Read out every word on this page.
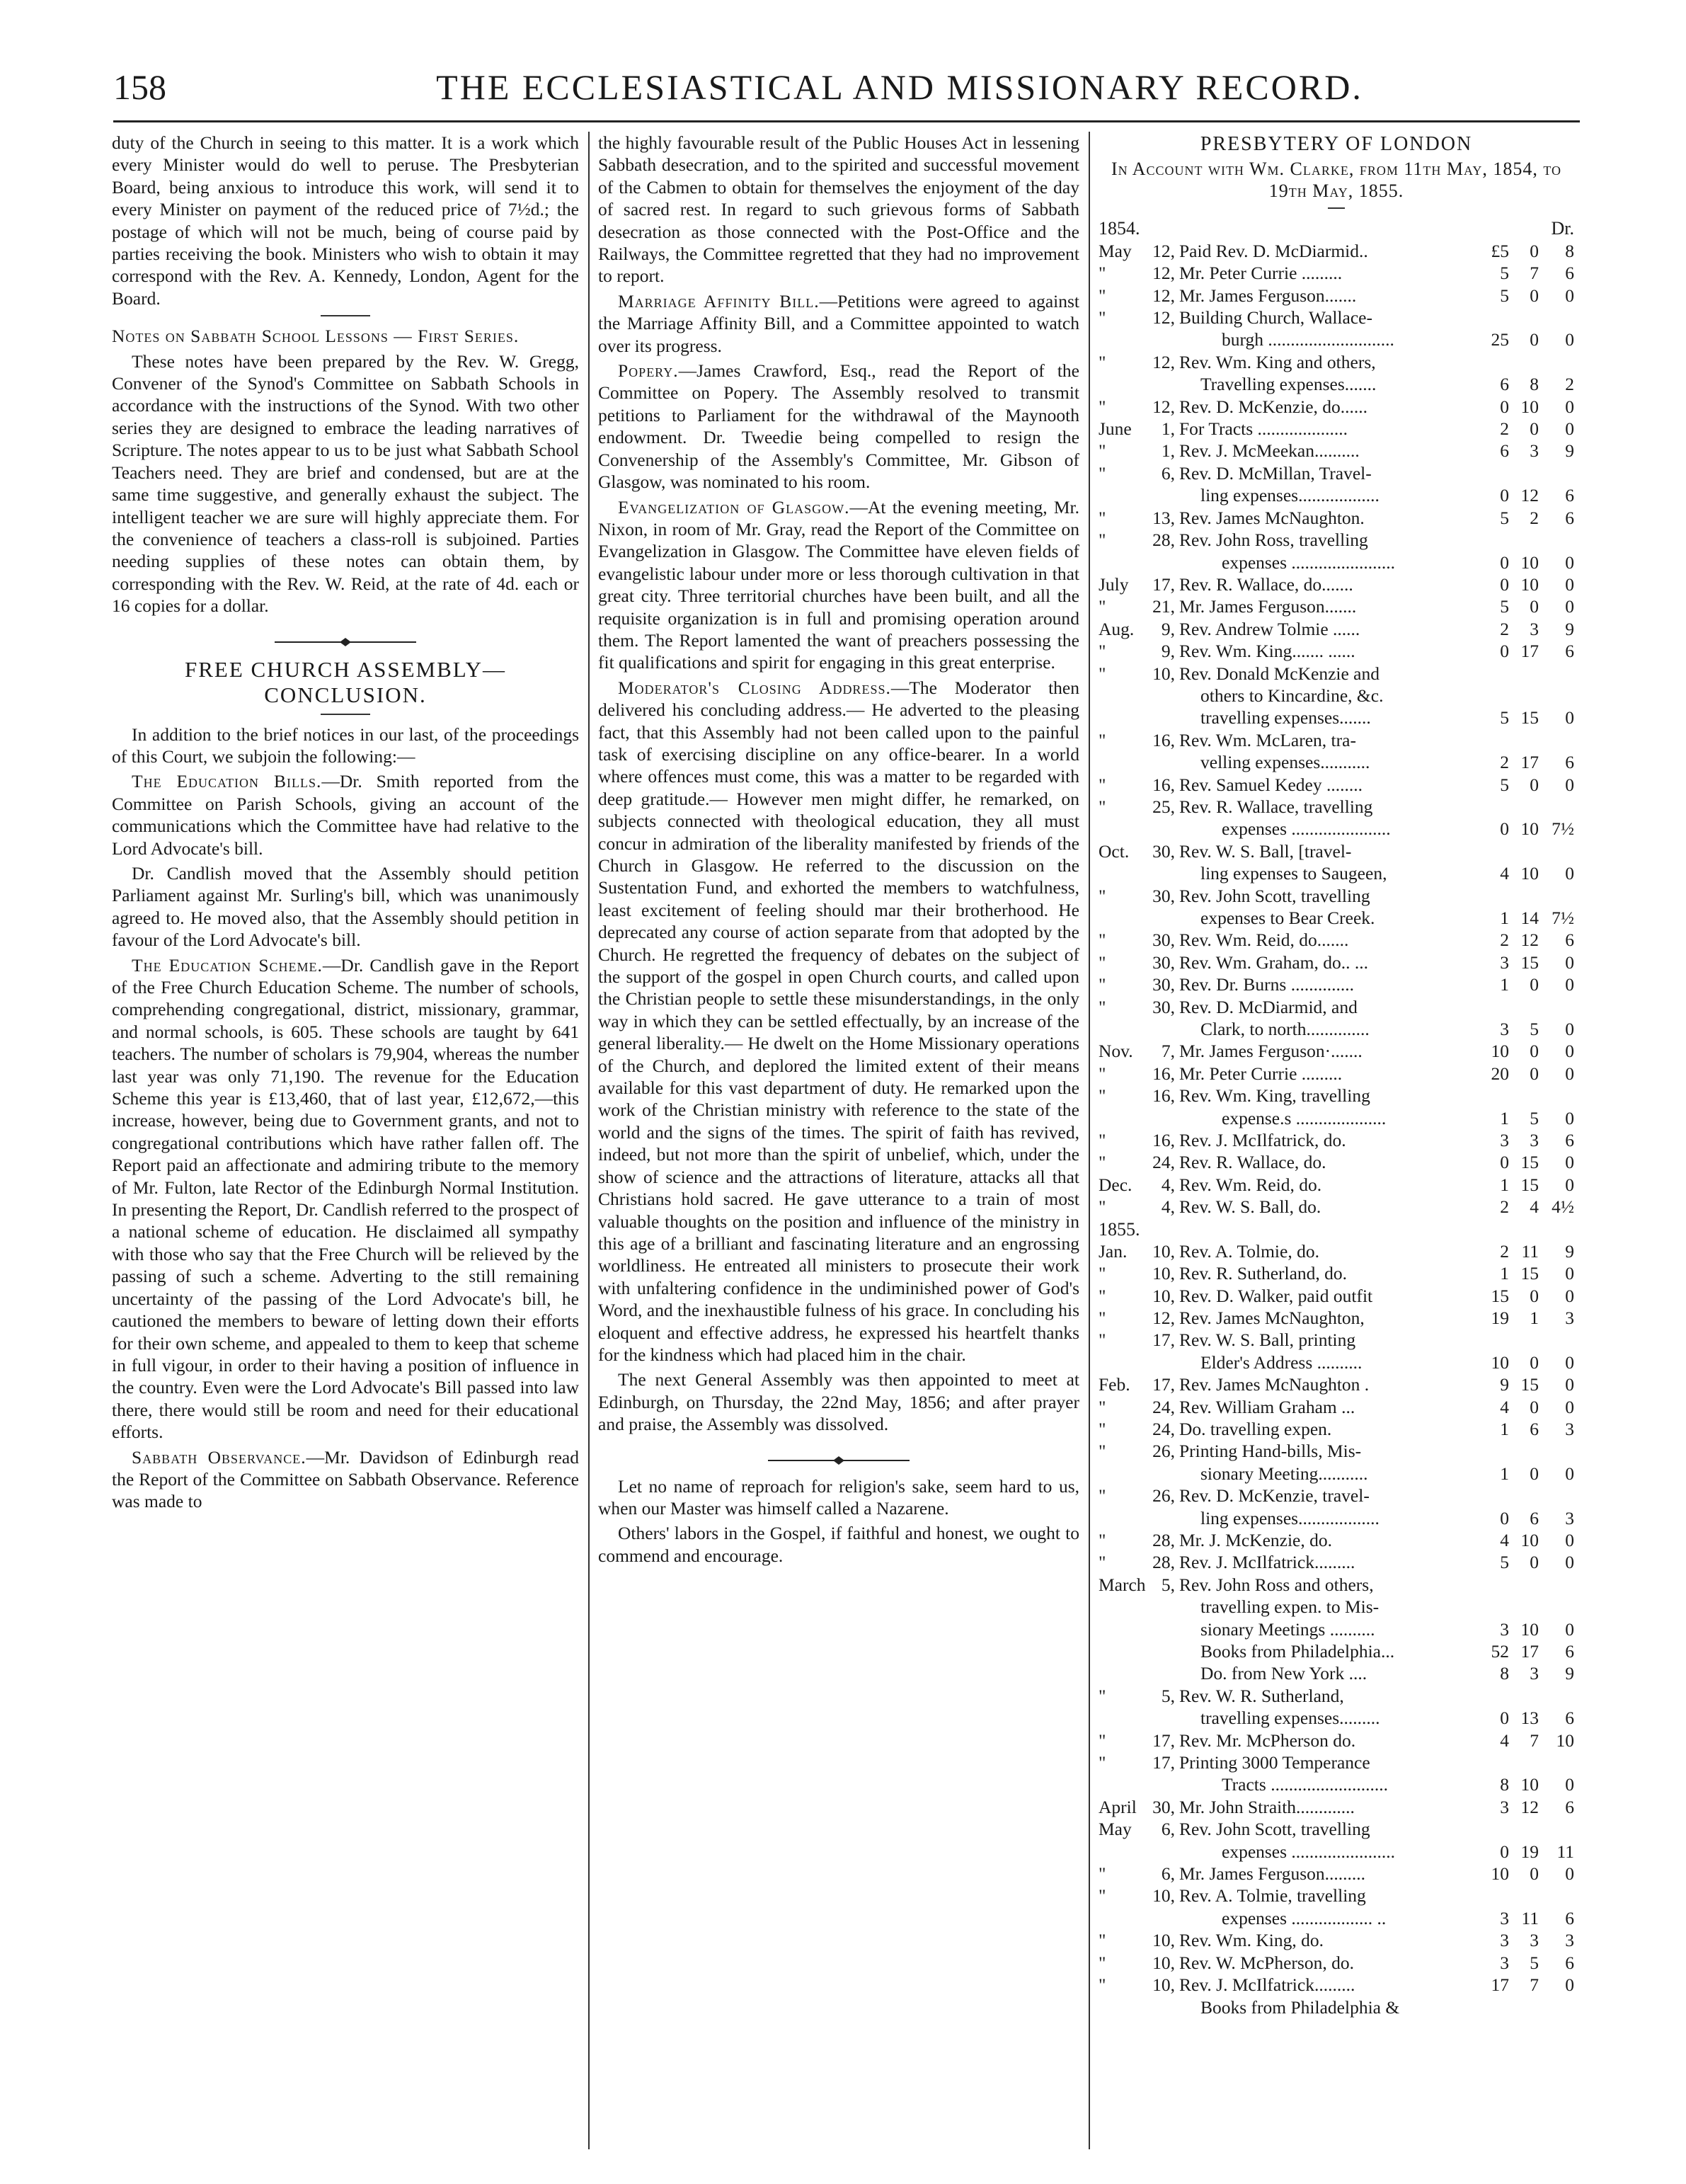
158	THE ECCLESIASTICAL AND MISSIONARY RECORD.

duty of the Church in seeing to this matter. It is a work which every Minister would do well to peruse. The Presbyterian Board, being anxious to introduce this work, will send it to every Minister on payment of the reduced price of 7½d.; the postage of which will not be much, being of course paid by parties receiving the book. Ministers who wish to obtain it may correspond with the Rev. A. Kennedy, London, Agent for the Board.

Notes on Sabbath School Lessons — First Series.

These notes have been prepared by the Rev. W. Gregg, Convener of the Synod's Committee on Sabbath Schools in accordance with the instructions of the Synod. With two other series they are designed to embrace the leading narratives of Scripture. The notes appear to us to be just what Sabbath School Teachers need. They are brief and condensed, but are at the same time suggestive, and generally exhaust the subject. The intelligent teacher we are sure will highly appreciate them. For the convenience of teachers a class-roll is subjoined. Parties needing supplies of these notes can obtain them, by corresponding with the Rev. W. Reid, at the rate of 4d. each or 16 copies for a dollar.

FREE CHURCH ASSEMBLY—CONCLUSION.

In addition to the brief notices in our last, of the proceedings of this Court, we subjoin the following:—

The Education Bills.—Dr. Smith reported from the Committee on Parish Schools, giving an account of the communications which the Committee have had relative to the Lord Advocate's bill.

Dr. Candlish moved that the Assembly should petition Parliament against Mr. Surling's bill, which was unanimously agreed to. He moved also, that the Assembly should petition in favour of the Lord Advocate's bill.

The Education Scheme.—Dr. Candlish gave in the Report of the Free Church Education Scheme. The number of schools, comprehending congregational, district, missionary, grammar, and normal schools, is 605. These schools are taught by 641 teachers. The number of scholars is 79,904, whereas the number last year was only 71,190. The revenue for the Education Scheme this year is £13,460, that of last year, £12,672,—this increase, however, being due to Government grants, and not to congregational contributions which have rather fallen off. The Report paid an affectionate and admiring tribute to the memory of Mr. Fulton, late Rector of the Edinburgh Normal Institution. In presenting the Report, Dr. Candlish referred to the prospect of a national scheme of education. He disclaimed all sympathy with those who say that the Free Church will be relieved by the passing of such a scheme. Adverting to the still remaining uncertainty of the passing of the Lord Advocate's bill, he cautioned the members to beware of letting down their efforts for their own scheme, and appealed to them to keep that scheme in full vigour, in order to their having a position of influence in the country. Even were the Lord Advocate's Bill passed into law there, there would still be room and need for their educational efforts.

Sabbath Observance.—Mr. Davidson of Edinburgh read the Report of the Committee on Sabbath Observance. Reference was made to

the highly favourable result of the Public Houses Act in lessening Sabbath desecration, and to the spirited and successful movement of the Cabmen to obtain for themselves the enjoyment of the day of sacred rest. In regard to such grievous forms of Sabbath desecration as those connected with the Post-Office and the Railways, the Committee regretted that they had no improvement to report.

Marriage Affinity Bill.—Petitions were agreed to against the Marriage Affinity Bill, and a Committee appointed to watch over its progress.

Popery.—James Crawford, Esq., read the Report of the Committee on Popery. The Assembly resolved to transmit petitions to Parliament for the withdrawal of the Maynooth endowment. Dr. Tweedie being compelled to resign the Convenership of the Assembly's Committee, Mr. Gibson of Glasgow, was nominated to his room.

Evangelization of Glasgow.—At the evening meeting, Mr. Nixon, in room of Mr. Gray, read the Report of the Committee on Evangelization in Glasgow. The Committee have eleven fields of evangelistic labour under more or less thorough cultivation in that great city. Three territorial churches have been built, and all the requisite organization is in full and promising operation around them. The Report lamented the want of preachers possessing the fit qualifications and spirit for engaging in this great enterprise.

Moderator's Closing Address.—The Moderator then delivered his concluding address.— He adverted to the pleasing fact, that this Assembly had not been called upon to the painful task of exercising discipline on any office-bearer. In a world where offences must come, this was a matter to be regarded with deep gratitude.— However men might differ, he remarked, on subjects connected with theological education, they all must concur in admiration of the liberality manifested by friends of the Church in Glasgow. He referred to the discussion on the Sustentation Fund, and exhorted the members to watchfulness, least excitement of feeling should mar their brotherhood. He deprecated any course of action separate from that adopted by the Church. He regretted the frequency of debates on the subject of the support of the gospel in open Church courts, and called upon the Christian people to settle these misunderstandings, in the only way in which they can be settled effectually, by an increase of the general liberality.— He dwelt on the Home Missionary operations of the Church, and deplored the limited extent of their means available for this vast department of duty. He remarked upon the work of the Christian ministry with reference to the state of the world and the signs of the times. The spirit of faith has revived, indeed, but not more than the spirit of unbelief, which, under the show of science and the attractions of literature, attacks all that Christians hold sacred. He gave utterance to a train of most valuable thoughts on the position and influence of the ministry in this age of a brilliant and fascinating literature and an engrossing worldliness. He entreated all ministers to prosecute their work with unfaltering confidence in the undiminished power of God's Word, and the inexhaustible fulness of his grace. In concluding his eloquent and effective address, he expressed his heartfelt thanks for the kindness which had placed him in the chair.

The next General Assembly was then appointed to meet at Edinburgh, on Thursday, the 22nd May, 1856; and after prayer and praise, the Assembly was dissolved.

Let no name of reproach for religion's sake, seem hard to us, when our Master was himself called a Nazarene.

Others' labors in the Gospel, if faithful and honest, we ought to commend and encourage.

PRESBYTERY OF LONDON
In Account with Wm. Clarke, from 11th May, 1854, to 19th May, 1855.
1854.	Dr.
May	12, Paid Rev. D. McDiarmid..	£5	0	8
"	12, Mr. Peter Currie .........	5	7	6
"	12, Mr. James Ferguson.......	5	0	0
"	12, Building Church, Wallace-
burgh ............................	25	0	0
"	12, Rev. Wm. King and others,
Travelling expenses.......	6	8	2
"	12, Rev. D. McKenzie, do......	0 10	0
June	1, For Tracts ....................	2	0	0
"	1, Rev. J. McMeekan..........	6	3	9
"	6, Rev. D. McMillan, Travel-
ling expenses..................	0 12	6
"	13, Rev. James McNaughton.	5	2	6
"	28, Rev. John Ross, travelling
expenses .......................	0 10	0
July	17, Rev. R. Wallace, do.......	0 10	0
"	21, Mr. James Ferguson.......	5	0	0
Aug.	9, Rev. Andrew Tolmie ......	2	3	9
"	9, Rev. Wm. King....... ......	0 17	6
"	10, Rev. Donald McKenzie and
others to Kincardine, &c.
travelling expenses.......	5 15	0
"	16, Rev. Wm. McLaren, tra-
velling expenses...........	2 17	6
"	16, Rev. Samuel Kedey ........	5	0	0
"	25, Rev. R. Wallace, travelling
expenses ......................	0 10 7½
Oct.	30, Rev. W. S. Ball, [travel-
ling expenses to Saugeen,	4 10	0
"	30, Rev. John Scott, travelling
expenses to Bear Creek.	1 14 7½
"	30, Rev. Wm. Reid, do.......	2 12	6
"	30, Rev. Wm. Graham, do.. ...	3 15	0
"	30, Rev. Dr. Burns ..............	1	0	0
"	30, Rev. D. McDiarmid, and
Clark, to north..............	3	5	0
Nov.	7, Mr. James Ferguson·.......	10	0	0
"	16, Mr. Peter Currie .........	20	0	0
"	16, Rev. Wm. King, travelling
expense.s ....................	1	5	0
"	16, Rev. J. McIlfatrick, do.	3	3	6
"	24, Rev. R. Wallace, do.	0 15	0
Dec.	4, Rev. Wm. Reid, do.	1 15	0
"	4, Rev. W. S. Ball, do.	2	4 4½
1855.
Jan.	10, Rev. A. Tolmie, do.	2 11	9
"	10, Rev. R. Sutherland, do.	1 15	0
"	10, Rev. D. Walker, paid outfit	15	0	0
"	12, Rev. James McNaughton,	19	1	3
"	17, Rev. W. S. Ball, printing
Elder's Address ..........	10	0	0
Feb.	17, Rev. James McNaughton .	9 15	0
"	24, Rev. William Graham ...	4	0	0
"	24, Do. travelling expen.	1	6	3
"	26, Printing Hand-bills, Mis-
sionary Meeting...........	1	0	0
"	26, Rev. D. McKenzie, travel-
ling expenses..................	0	6	3
"	28, Mr. J. McKenzie, do.	4 10	0
"	28, Rev. J. McIlfatrick.........	5	0	0
March 5, Rev. John Ross and others,
travelling expen. to Mis-
sionary Meetings ..........	3 10	0
Books from Philadelphia...	52 17	6
Do. from New York ....	8	3	9
"	5, Rev. W. R. Sutherland,
travelling expenses.........	0 13	6
"	17, Rev. Mr. McPherson do.	4	7 10
"	17, Printing 3000 Temperance
Tracts ..........................	8 10	0
April 30, Mr. John Straith.............	3 12	6
May	6, Rev. John Scott, travelling
expenses .......................	0 19 11
"	6, Mr. James Ferguson.........	10	0	0
"	10, Rev. A. Tolmie, travelling
expenses .................. ..	3 11	6
"	10, Rev. Wm. King, do.	3	3	3
"	10, Rev. W. McPherson, do.	3	5	6
"	10, Rev. J. McIlfatrick.........	17	7	0
Books from Philadelphia &
